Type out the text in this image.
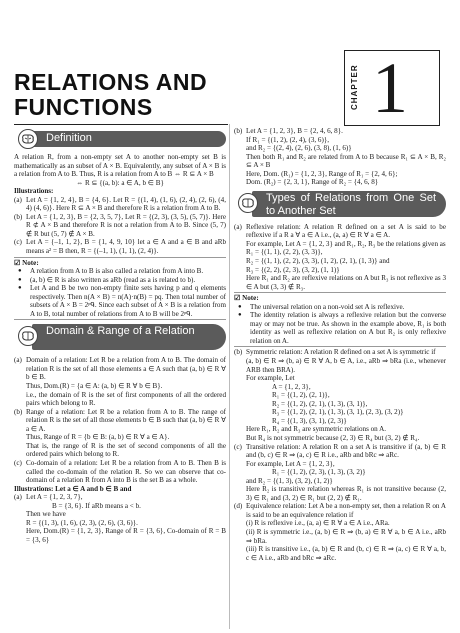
RELATIONS AND
FUNCTIONS	CHAPTER 1
Definition

A relation R, from a non-empty set A to another non-empty set B is mathematically as an subset of A × B. Equivalently, any subset of A × B is a relation from A to B. Thus, R is a relation from A to B ⇔ R ⊆ A × B

⇔ R ⊆ {(a, b): a ∈ A, b ∈ B}

Illustrations:

(a) Let A = {1, 2, 4}, B = {4, 6}. Let R = {(1, 4), (1, 6), (2, 4), (2, 6), (4, 4) (4, 6)}. Here R ⊆ A × B and therefore R is a relation from A to B.
(b) Let A = {1, 2, 3}, B = {2, 3, 5, 7}, Let R = {(2, 3), (3, 5), (5, 7)}. Here R ⊄ A × B and therefore R is not a relation from A to B. Since (5, 7) ∉ R but (5, 7) ∉ A × B.
(c) Let A = {–1, 1, 2}, B = {1, 4, 9, 10} let a ∈ A and a ∈ B and aRb means a² = B then, R = {(–1, 1), (1, 1), (2, 4)}.

☑ Note:

● A relation from A to B is also called a relation from A into B.

● (a, b) ∈ R is also written as aRb (read as a is related to b).

● Let A and B be two non-empty finite sets having p and q elements respectively. Then n(A × B) = n(A)·n(B) = pq. Then total number of subsets of A × B = 2ᵖᑫ. Since each subset of A × B is a relation from A to B, total number of relations from A to B will be 2ᵖᑫ.

Domain & Range of a Relation
(a) Domain of a relation: Let R be a relation from A to B. The domain of relation R is the set of all those elements a ∈ A such that (a, b) ∈ R ∀ b ∈ B.

Thus, Dom.(R) = {a ∈ A: (a, b) ∈ R ∀ b ∈ B}.

i.e., the domain of R is the set of first components of all the ordered pairs which belong to R.

(b) Range of a relation: Let R be a relation from A to B. The range of relation R is the set of all those elements b ∈ B such that (a, b) ∈ R ∀ a ∈ A.

Thus, Range of R = {b ∈ B: (a, b) ∈ R ∀ a ∈ A}.

That is, the range of R is the set of second components of all the ordered pairs which belong to R.

(c) Co-domain of a relation: Let R be a relation from A to B. Then B is called the co-domain of the relation R. So we can observe that co-domain of a relation R from A into B is the set B as a whole.

Illustrations: Let a ∈ A and b ∈ B and

(a) Let A = {1, 2, 3, 7},

B = {3, 6}. If aRb means a < b.

Then we have

R = {(1, 3), (1, 6), (2, 3), (2, 6), (3, 6)}.

Here, Dom.(R) = {1, 2, 3}, Range of R = {3, 6}, Co-domain of R = B = {3, 6}

(b) Let A = {1, 2, 3}, B = {2, 4, 6, 8}.

If R₁ = {(1, 2), (2, 4), (3, 6)},

and R₂ = {(2, 4), (2, 6), (3, 8), (1, 6)}

Then both R₁ and R₂ are related from A to B because R₁ ⊆ A × B, R₂ ⊆ A × B

Here, Dom. (R₁) = {1, 2, 3}, Range of R₁ = {2, 4, 6};

Dom. (R₂) = {2, 3, 1}, Range of R₂ = {4, 6, 8}

Types of Relations from One Set to Another Set
(a) Reflexive relation: A relation R defined on a set A is said to be reflexive if a R a ∀ a ∈ A i.e., (a, a) ∈ R ∀ a ∈ A.

For example, Let A = {1, 2, 3} and R₁, R₂, R₃ be the relations given as

R₁ = {(1, 1), (2, 2), (3, 3)},

R₂ = {(1, 1), (2, 2), (3, 3), (1, 2), (2, 1), (1, 3)} and

R₃ = {(2, 2), (2, 3), (3, 2), (1, 1)}

Here R₁ and R₂ are reflexive relations on A but R₃ is not reflexive as 3 ∈ A but (3, 3) ∉ R₃.

☑ Note:

● The universal relation on a non-void set A is reflexive.

● The identity relation is always a reflexive relation but the converse may or may not be true. As shown in the example above, R₁ is both identity as well as reflexive relation on A but R₂ is only reflexive relation on A.

(b) Symmetric relation: A relation R defined on a set A is symmetric if

(a, b) ∈ R ⇒ (b, a) ∈ R ∀ A, b ∈ A, i.e., aRb ⇒ bRa (i.e., whenever ARB then BRA).

For example, Let

A = {1, 2, 3},

R₁ = {(1, 2), (2, 1)},

R₂ = {(1, 2), (2, 1), (1, 3), (3, 1)},

R₃ = {(1, 2), (2, 1), (1, 3), (3, 1), (2, 3), (3, 2)}

R₄ = {(1, 3), (3, 1), (2, 3)}

Here R₁, R₂ and R₃ are symmetric relations on A.

But R₄ is not symmetric because (2, 3) ∈ R₄ but (3, 2) ∉ R₄.

(c) Transitive relation: A relation R on a set A is transitive if (a, b) ∈ R and (b, c) ∈ R ⇒ (a, c) ∈ R i.e., aRb and bRc ⇒ aRc.

For example, Let A = {1, 2, 3},

R₁ = {(1, 2), (2, 3), (1, 3), (3, 2)}

and R₂ = {(1, 3), (3, 2), (1, 2)}

Here R₂ is transitive relation whereas R₁ is not transitive because (2, 3) ∈ R₁ and (3, 2) ∈ R₁ but (2, 2) ∉ R₁.

(d) Equivalence relation: Let A be a non-empty set, then a relation R on A is said to be an equivalence relation if

(i) R is reflexive i.e., (a, a) ∈ R ∀ a ∈ A i.e., ARa.

(ii) R is symmetric i.e., (a, b) ∈ R ⇒ (b, a) ∈ R ∀ a, b ∈ A i.e., aRb ⇒ bRa.

(iii) R is transitive i.e., (a, b) ∈ R and (b, c) ∈ R ⇒ (a, c) ∈ R ∀ a, b, c ∈ A i.e., aRb and bRc ⇒ aRc.
